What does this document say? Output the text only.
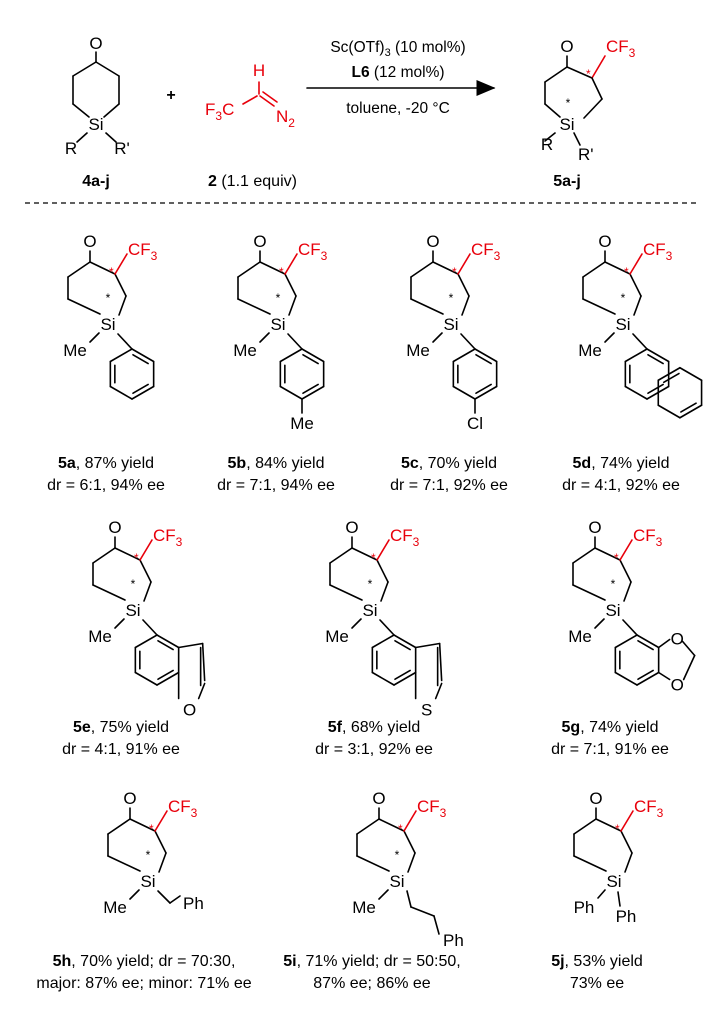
O
Si
R R'
4a-j
+
H
$F_3C$ $N_2$
2 (1.1 equiv)
$Sc(OTf)_3$ (10 mol%)
L6 (12 mol%)
toluene, -20 °C
O $CF_3$
*
*
Si
R
R'
5a-j
O $CF_3$
*
*
Si
Me
5a, 87% yield
dr = 6:1, 94% ee
O $CF_3$
*
*
Si
Me
Me
5b, 84% yield
dr = 7:1, 94% ee
O $CF_3$
*
*
Si
Me
Cl
5c, 70% yield
dr = 7:1, 92% ee
O $CF_3$
*
*
Si
Me
5d, 74% yield
dr = 4:1, 92% ee
O $CF_3$
*
*
Si
Me
O
5e, 75% yield
dr = 4:1, 91% ee
O $CF_3$
*
*
Si
Me
S
5f, 68% yield
dr = 3:1, 92% ee
O $CF_3$
*
*
Si
Me	O
O
5g, 74% yield
dr = 7:1, 91% ee
O $CF_3$
*
*
Si
Me	Ph
5h, 70% yield; dr = 70:30,
major: 87% ee; minor: 71% ee
O $CF_3$
*
*
Si
Me
Ph
5i, 71% yield; dr = 50:50,
87% ee; 86% ee
O $CF_3$
*
Si
Ph Ph
5j, 53% yield
73% ee
